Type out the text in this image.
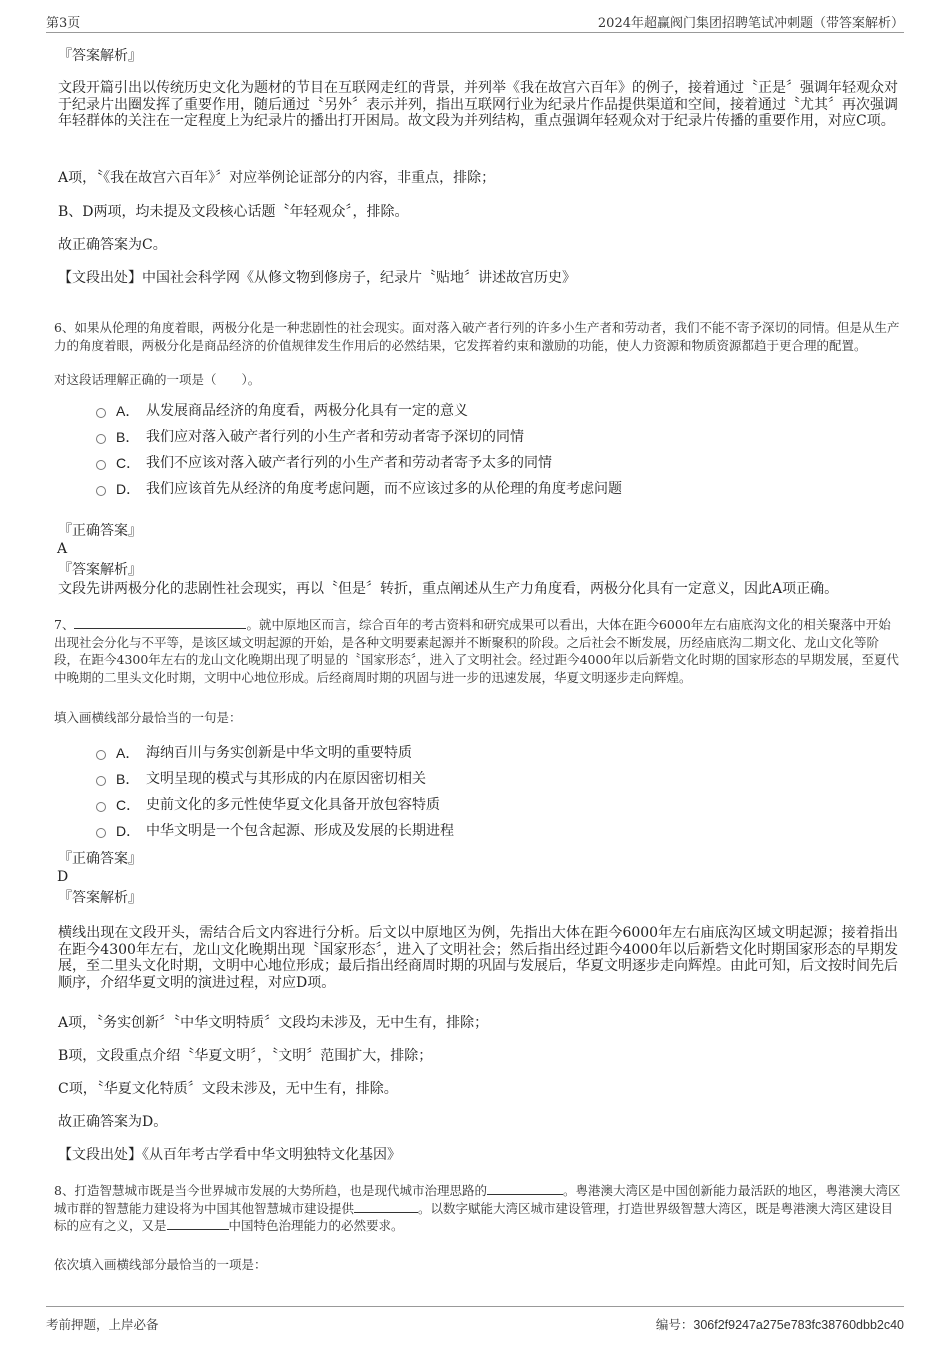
第3页	2024年超赢阀门集团招聘笔试冲刺题（带答案解析）
『答案解析』
文段开篇引出以传统历史文化为题材的节目在互联网走红的背景，并列举《我在故宫六百年》的例子，接着通过〝正是〞强调年轻观众对于纪录片出圈发挥了重要作用，随后通过〝另外〞表示并列，指出互联网行业为纪录片作品提供渠道和空间，接着通过〝尤其〞再次强调年轻群体的关注在一定程度上为纪录片的播出打开困局。故文段为并列结构，重点强调年轻观众对于纪录片传播的重要作用，对应C项。
A项，〝《我在故宫六百年》〞对应举例论证部分的内容，非重点，排除；
B、D两项，均未提及文段核心话题〝年轻观众〞，排除。
故正确答案为C。
【文段出处】中国社会科学网《从修文物到修房子，纪录片〝贴地〞讲述故宫历史》
6、如果从伦理的角度着眼，两极分化是一种悲剧性的社会现实。面对落入破产者行列的许多小生产者和劳动者，我们不能不寄予深切的同情。但是从生产力的角度着眼，两极分化是商品经济的价值规律发生作用后的必然结果，它发挥着约束和激励的功能，使人力资源和物质资源都趋于更合理的配置。
对这段话理解正确的一项是（　　）。
A． 从发展商品经济的角度看，两极分化具有一定的意义
B． 我们应对落入破产者行列的小生产者和劳动者寄予深切的同情
C． 我们不应该对落入破产者行列的小生产者和劳动者寄予太多的同情
D． 我们应该首先从经济的角度考虑问题，而不应该过多的从伦理的角度考虑问题
『正确答案』
A
『答案解析』
文段先讲两极分化的悲剧性社会现实，再以〝但是〞转折，重点阐述从生产力角度看，两极分化具有一定意义，因此A项正确。
7、	。就中原地区而言，综合百年的考古资料和研究成果可以看出，大体在距今6000年左右庙底沟文化的相关聚落中开始出现社会分化与不平等，是该区域文明起源的开始，是各种文明要素起源并不断聚积的阶段。之后社会不断发展，历经庙底沟二期文化、龙山文化等阶段，在距今4300年左右的龙山文化晚期出现了明显的〝国家形态〞，进入了文明社会。经过距今4000年以后新砦文化时期的国家形态的早期发展，至夏代中晚期的二里头文化时期，文明中心地位形成。后经商周时期的巩固与进一步的迅速发展，华夏文明逐步走向辉煌。
填入画横线部分最恰当的一句是：
A． 海纳百川与务实创新是中华文明的重要特质
B． 文明呈现的模式与其形成的内在原因密切相关
C． 史前文化的多元性使华夏文化具备开放包容特质
D． 中华文明是一个包含起源、形成及发展的长期进程
『正确答案』
D
『答案解析』
横线出现在文段开头，需结合后文内容进行分析。后文以中原地区为例，先指出大体在距今6000年左右庙底沟区域文明起源；接着指出在距今4300年左右，龙山文化晚期出现〝国家形态〞，进入了文明社会；然后指出经过距今4000年以后新砦文化时期国家形态的早期发展，至二里头文化时期，文明中心地位形成；最后指出经商周时期的巩固与发展后，华夏文明逐步走向辉煌。由此可知，后文按时间先后顺序，介绍华夏文明的演进过程，对应D项。
A项，〝务实创新〞〝中华文明特质〞文段均未涉及，无中生有，排除；
B项，文段重点介绍〝华夏文明〞，〝文明〞范围扩大，排除；
C项，〝华夏文化特质〞文段未涉及，无中生有，排除。
故正确答案为D。
【文段出处】《从百年考古学看中华文明独特文化基因》
8、打造智慧城市既是当今世界城市发展的大势所趋，也是现代城市治理思路的	。粤港澳大湾区是中国创新能力最活跃的地区，粤港澳大湾区城市群的智慧能力建设将为中国其他智慧城市建设提供	。以数字赋能大湾区城市建设管理，打造世界级智慧大湾区，既是粤港澳大湾区建设目标的应有之义，又是	中国特色治理能力的必然要求。
依次填入画横线部分最恰当的一项是：
考前押题，上岸必备	编号：306f2f9247a275e783fc38760dbb2c40
